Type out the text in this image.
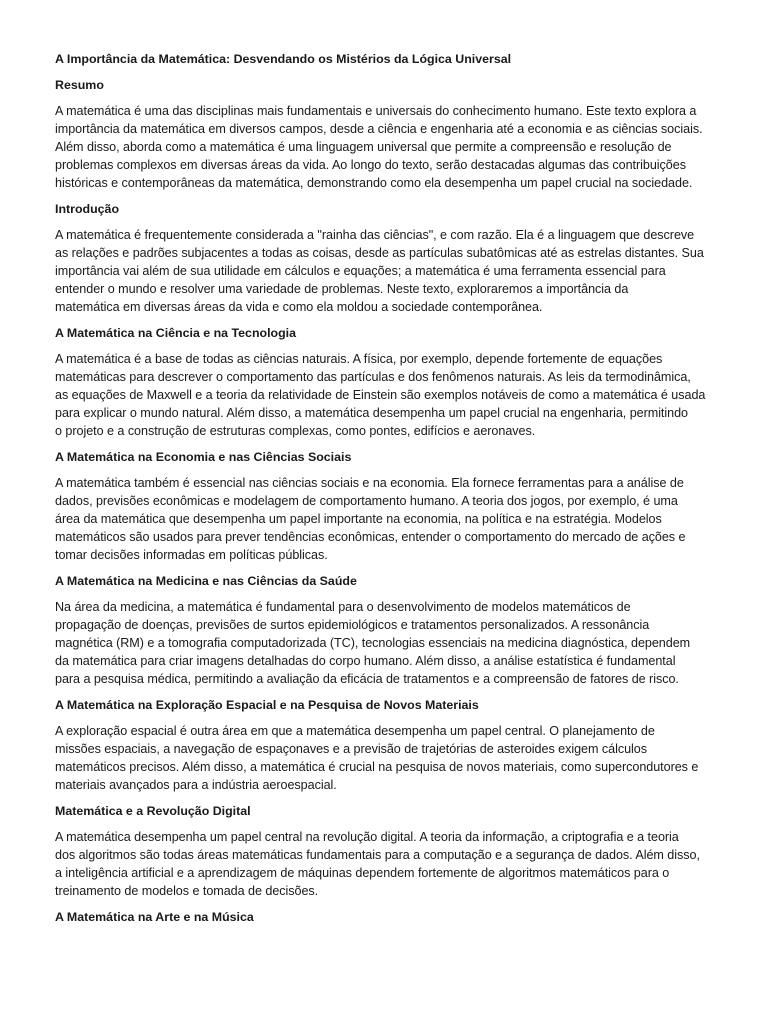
A Importância da Matemática: Desvendando os Mistérios da Lógica Universal
Resumo
A matemática é uma das disciplinas mais fundamentais e universais do conhecimento humano. Este texto explora a
importância da matemática em diversos campos, desde a ciência e engenharia até a economia e as ciências sociais.
Além disso, aborda como a matemática é uma linguagem universal que permite a compreensão e resolução de
problemas complexos em diversas áreas da vida. Ao longo do texto, serão destacadas algumas das contribuições
históricas e contemporâneas da matemática, demonstrando como ela desempenha um papel crucial na sociedade.
Introdução
A matemática é frequentemente considerada a "rainha das ciências", e com razão. Ela é a linguagem que descreve
as relações e padrões subjacentes a todas as coisas, desde as partículas subatômicas até as estrelas distantes. Sua
importância vai além de sua utilidade em cálculos e equações; a matemática é uma ferramenta essencial para
entender o mundo e resolver uma variedade de problemas. Neste texto, exploraremos a importância da
matemática em diversas áreas da vida e como ela moldou a sociedade contemporânea.
A Matemática na Ciência e na Tecnologia
A matemática é a base de todas as ciências naturais. A física, por exemplo, depende fortemente de equações
matemáticas para descrever o comportamento das partículas e dos fenômenos naturais. As leis da termodinâmica,
as equações de Maxwell e a teoria da relatividade de Einstein são exemplos notáveis de como a matemática é usada
para explicar o mundo natural. Além disso, a matemática desempenha um papel crucial na engenharia, permitindo
o projeto e a construção de estruturas complexas, como pontes, edifícios e aeronaves.
A Matemática na Economia e nas Ciências Sociais
A matemática também é essencial nas ciências sociais e na economia. Ela fornece ferramentas para a análise de
dados, previsões econômicas e modelagem de comportamento humano. A teoria dos jogos, por exemplo, é uma
área da matemática que desempenha um papel importante na economia, na política e na estratégia. Modelos
matemáticos são usados para prever tendências econômicas, entender o comportamento do mercado de ações e
tomar decisões informadas em políticas públicas.
A Matemática na Medicina e nas Ciências da Saúde
Na área da medicina, a matemática é fundamental para o desenvolvimento de modelos matemáticos de
propagação de doenças, previsões de surtos epidemiológicos e tratamentos personalizados. A ressonância
magnética (RM) e a tomografia computadorizada (TC), tecnologias essenciais na medicina diagnóstica, dependem
da matemática para criar imagens detalhadas do corpo humano. Além disso, a análise estatística é fundamental
para a pesquisa médica, permitindo a avaliação da eficácia de tratamentos e a compreensão de fatores de risco.
A Matemática na Exploração Espacial e na Pesquisa de Novos Materiais
A exploração espacial é outra área em que a matemática desempenha um papel central. O planejamento de
missões espaciais, a navegação de espaçonaves e a previsão de trajetórias de asteroides exigem cálculos
matemáticos precisos. Além disso, a matemática é crucial na pesquisa de novos materiais, como supercondutores e
materiais avançados para a indústria aeroespacial.
Matemática e a Revolução Digital
A matemática desempenha um papel central na revolução digital. A teoria da informação, a criptografia e a teoria
dos algoritmos são todas áreas matemáticas fundamentais para a computação e a segurança de dados. Além disso,
a inteligência artificial e a aprendizagem de máquinas dependem fortemente de algoritmos matemáticos para o
treinamento de modelos e tomada de decisões.
A Matemática na Arte e na Música
